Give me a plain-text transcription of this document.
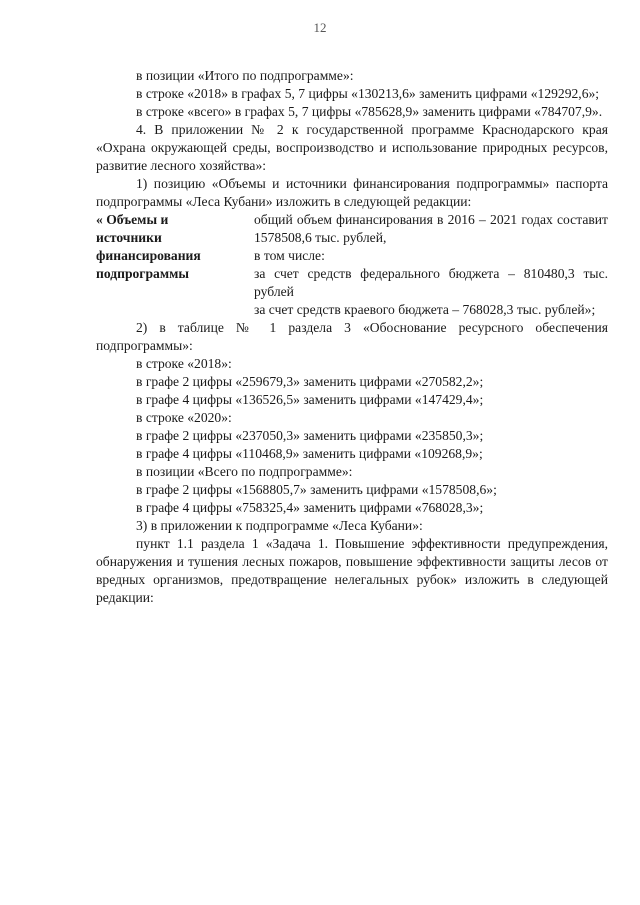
12

в позиции «Итого по подпрограмме»:

в строке «2018» в графах 5, 7 цифры «130213,6» заменить цифрами «129292,6»;

в строке «всего» в графах 5, 7 цифры «785628,9» заменить цифрами «784707,9».

4. В приложении № 2 к государственной программе Краснодарского края «Охрана окружающей среды, воспроизводство и использование природных ресурсов, развитие лесного хозяйства»:

1) позицию «Объемы и источники финансирования подпрограммы» паспорта подпрограммы «Леса Кубани» изложить в следующей редакции:

« Объемы и
источники
финансирования
подпрограммы

общий объем финансирования в 2016 – 2021 годах составит 1578508,6 тыс. рублей,

в том числе:

за счет средств федерального бюджета – 810480,3 тыс. рублей

за счет средств краевого бюджета – 768028,3 тыс. рублей»;

2) в таблице № 1 раздела 3 «Обоснование ресурсного обеспечения подпрограммы»:

в строке «2018»:

в графе 2 цифры «259679,3» заменить цифрами «270582,2»;

в графе 4 цифры «136526,5» заменить цифрами «147429,4»;

в строке «2020»:

в графе 2 цифры «237050,3» заменить цифрами «235850,3»;

в графе 4 цифры «110468,9» заменить цифрами «109268,9»;

в позиции «Всего по подпрограмме»:

в графе 2 цифры «1568805,7» заменить цифрами «1578508,6»;

в графе 4 цифры «758325,4» заменить цифрами «768028,3»;

3) в приложении к подпрограмме «Леса Кубани»:

пункт 1.1 раздела 1 «Задача 1. Повышение эффективности предупреждения, обнаружения и тушения лесных пожаров, повышение эффективности защиты лесов от вредных организмов, предотвращение нелегальных рубок» изложить в следующей редакции:
